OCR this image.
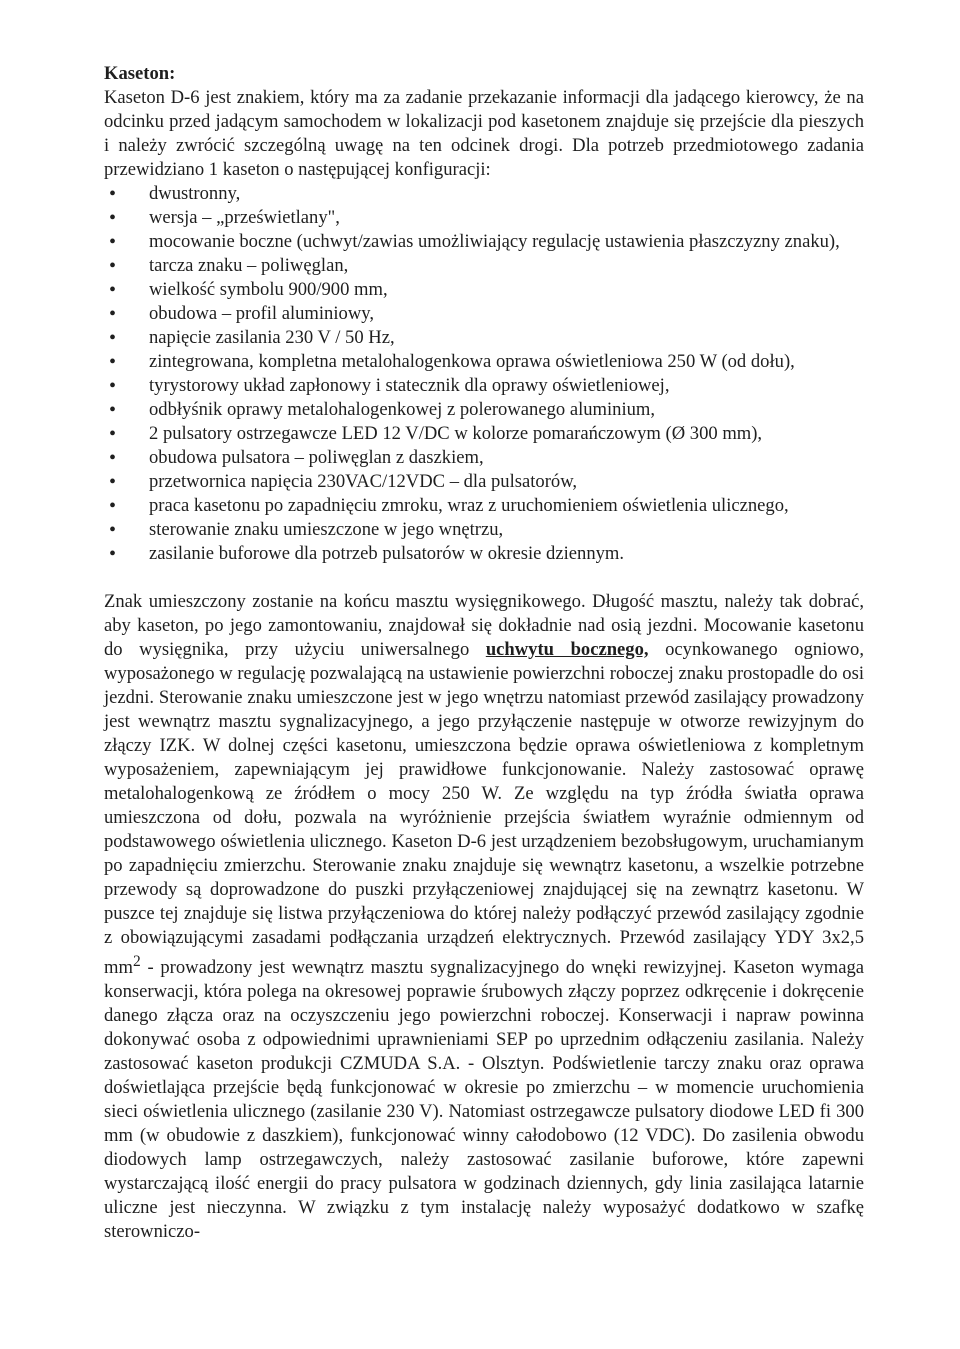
Kaseton:

Kaseton D-6 jest znakiem, który ma za zadanie przekazanie informacji dla jadącego kierowcy, że na odcinku przed jadącym samochodem w lokalizacji pod kasetonem znajduje się przejście dla pieszych i należy zwrócić szczególną uwagę na ten odcinek drogi. Dla potrzeb przedmiotowego zadania przewidziano 1 kaseton o następującej konfiguracji:

• dwustronny,
• wersja – „prześwietlany",
• mocowanie boczne (uchwyt/zawias umożliwiający regulację ustawienia płaszczyzny znaku),
• tarcza znaku – poliwęglan,
• wielkość symbolu 900/900 mm,
• obudowa – profil aluminiowy,
• napięcie zasilania 230 V / 50 Hz,
• zintegrowana, kompletna metalohalogenkowa oprawa oświetleniowa 250 W (od dołu),
• tyrystorowy układ zapłonowy i statecznik dla oprawy oświetleniowej,
• odbłyśnik oprawy metalohalogenkowej z polerowanego aluminium,
• 2 pulsatory ostrzegawcze LED 12 V/DC w kolorze pomarańczowym (Ø 300 mm),
• obudowa pulsatora – poliwęglan z daszkiem,
• przetwornica napięcia 230VAC/12VDC – dla pulsatorów,
• praca kasetonu po zapadnięciu zmroku, wraz z uruchomieniem oświetlenia ulicznego,
• sterowanie znaku umieszczone w jego wnętrzu,
• zasilanie buforowe dla potrzeb pulsatorów w okresie dziennym.

Znak umieszczony zostanie na końcu masztu wysięgnikowego. Długość masztu, należy tak dobrać, aby kaseton, po jego zamontowaniu, znajdował się dokładnie nad osią jezdni. Mocowanie kasetonu do wysięgnika, przy użyciu uniwersalnego uchwytu bocznego, ocynkowanego ogniowo, wyposażonego w regulację pozwalającą na ustawienie powierzchni roboczej znaku prostopadle do osi jezdni. Sterowanie znaku umieszczone jest w jego wnętrzu natomiast przewód zasilający prowadzony jest wewnątrz masztu sygnalizacyjnego, a jego przyłączenie następuje w otworze rewizyjnym do złączy IZK. W dolnej części kasetonu, umieszczona będzie oprawa oświetleniowa z kompletnym wyposażeniem, zapewniającym jej prawidłowe funkcjonowanie. Należy zastosować oprawę metalohalogenkową ze źródłem o mocy 250 W. Ze względu na typ źródła światła oprawa umieszczona od dołu, pozwala na wyróżnienie przejścia światłem wyraźnie odmiennym od podstawowego oświetlenia ulicznego. Kaseton D-6 jest urządzeniem bezobsługowym, uruchamianym po zapadnięciu zmierzchu. Sterowanie znaku znajduje się wewnątrz kasetonu, a wszelkie potrzebne przewody są doprowadzone do puszki przyłączeniowej znajdującej się na zewnątrz kasetonu. W puszce tej znajduje się listwa przyłączeniowa do której należy podłączyć przewód zasilający zgodnie z obowiązującymi zasadami podłączania urządzeń elektrycznych. Przewód zasilający YDY 3x2,5 $mm^2$ - prowadzony jest wewnątrz masztu sygnalizacyjnego do wnęki rewizyjnej. Kaseton wymaga konserwacji, która polega na okresowej poprawie śrubowych złączy poprzez odkręcenie i dokręcenie danego złącza oraz na oczyszczeniu jego powierzchni roboczej. Konserwacji i napraw powinna dokonywać osoba z odpowiednimi uprawnieniami SEP po uprzednim odłączeniu zasilania. Należy zastosować kaseton produkcji CZMUDA S.A. - Olsztyn. Podświetlenie tarczy znaku oraz oprawa doświetlająca przejście będą funkcjonować w okresie po zmierzchu – w momencie uruchomienia sieci oświetlenia ulicznego (zasilanie 230 V). Natomiast ostrzegawcze pulsatory diodowe LED fi 300 mm (w obudowie z daszkiem), funkcjonować winny całodobowo (12 VDC). Do zasilenia obwodu diodowych lamp ostrzegawczych, należy zastosować zasilanie buforowe, które zapewni wystarczającą ilość energii do pracy pulsatora w godzinach dziennych, gdy linia zasilająca latarnie uliczne jest nieczynna. W związku z tym instalację należy wyposażyć dodatkowo w szafkę sterowniczo-
